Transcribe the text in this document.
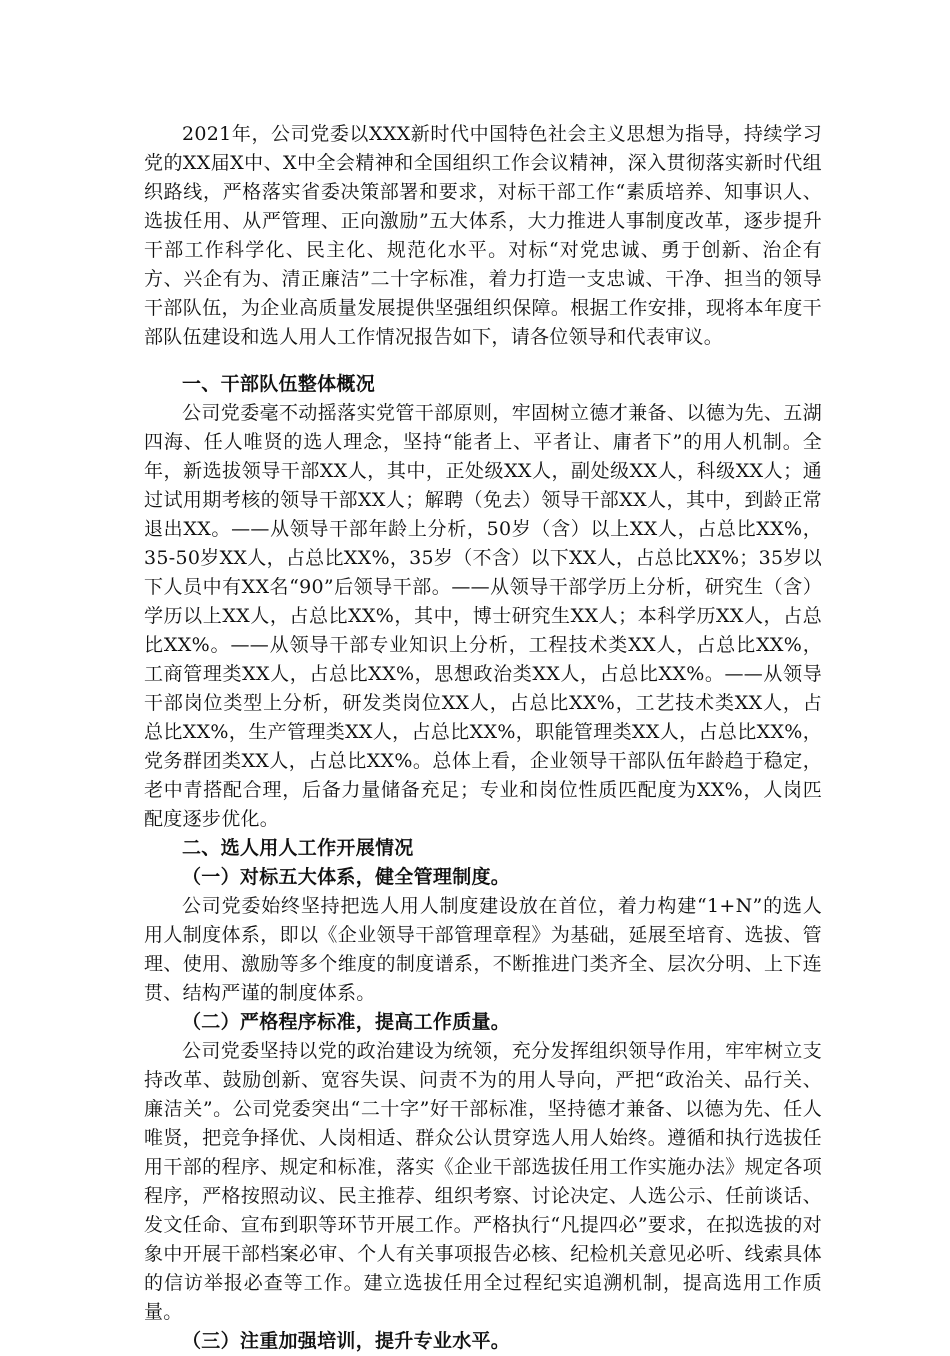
2021年，公司党委以XXX新时代中国特色社会主义思想为指导，持续学习党的XX届X中、X中全会精神和全国组织工作会议精神，深入贯彻落实新时代组织路线，严格落实省委决策部署和要求，对标干部工作“素质培养、知事识人、选拔任用、从严管理、正向激励”五大体系，大力推进人事制度改革，逐步提升干部工作科学化、民主化、规范化水平。对标“对党忠诚、勇于创新、治企有方、兴企有为、清正廉洁”二十字标准，着力打造一支忠诚、干净、担当的领导干部队伍，为企业高质量发展提供坚强组织保障。根据工作安排，现将本年度干部队伍建设和选人用人工作情况报告如下，请各位领导和代表审议。

一、干部队伍整体概况

公司党委毫不动摇落实党管干部原则，牢固树立德才兼备、以德为先、五湖四海、任人唯贤的选人理念，坚持“能者上、平者让、庸者下”的用人机制。全年，新选拔领导干部XX人，其中，正处级XX人，副处级XX人，科级XX人；通过试用期考核的领导干部XX人；解聘（免去）领导干部XX人，其中，到龄正常退出XX。——从领导干部年龄上分析，50岁（含）以上XX人，占总比XX%，35-50岁XX人，占总比XX%，35岁（不含）以下XX人，占总比XX%；35岁以下人员中有XX名“90”后领导干部。——从领导干部学历上分析，研究生（含）学历以上XX人，占总比XX%，其中，博士研究生XX人；本科学历XX人，占总比XX%。——从领导干部专业知识上分析，工程技术类XX人，占总比XX%，工商管理类XX人，占总比XX%，思想政治类XX人，占总比XX%。——从领导干部岗位类型上分析，研发类岗位XX人，占总比XX%，工艺技术类XX人，占总比XX%，生产管理类XX人，占总比XX%，职能管理类XX人，占总比XX%，党务群团类XX人，占总比XX%。总体上看，企业领导干部队伍年龄趋于稳定，老中青搭配合理，后备力量储备充足；专业和岗位性质匹配度为XX%，人岗匹配度逐步优化。

二、选人用人工作开展情况

（一）对标五大体系，健全管理制度。

公司党委始终坚持把选人用人制度建设放在首位，着力构建“1+N”的选人用人制度体系，即以《企业领导干部管理章程》为基础，延展至培育、选拔、管理、使用、激励等多个维度的制度谱系，不断推进门类齐全、层次分明、上下连贯、结构严谨的制度体系。

（二）严格程序标准，提高工作质量。

公司党委坚持以党的政治建设为统领，充分发挥组织领导作用，牢牢树立支持改革、鼓励创新、宽容失误、问责不为的用人导向，严把“政治关、品行关、廉洁关”。公司党委突出“二十字”好干部标准，坚持德才兼备、以德为先、任人唯贤，把竞争择优、人岗相适、群众公认贯穿选人用人始终。遵循和执行选拔任用干部的程序、规定和标准，落实《企业干部选拔任用工作实施办法》规定各项程序，严格按照动议、民主推荐、组织考察、讨论决定、人选公示、任前谈话、发文任命、宣布到职等环节开展工作。严格执行“凡提四必”要求，在拟选拔的对象中开展干部档案必审、个人有关事项报告必核、纪检机关意见必听、线索具体的信访举报必查等工作。建立选拔任用全过程纪实追溯机制，提高选用工作质量。

（三）注重加强培训，提升专业水平。
